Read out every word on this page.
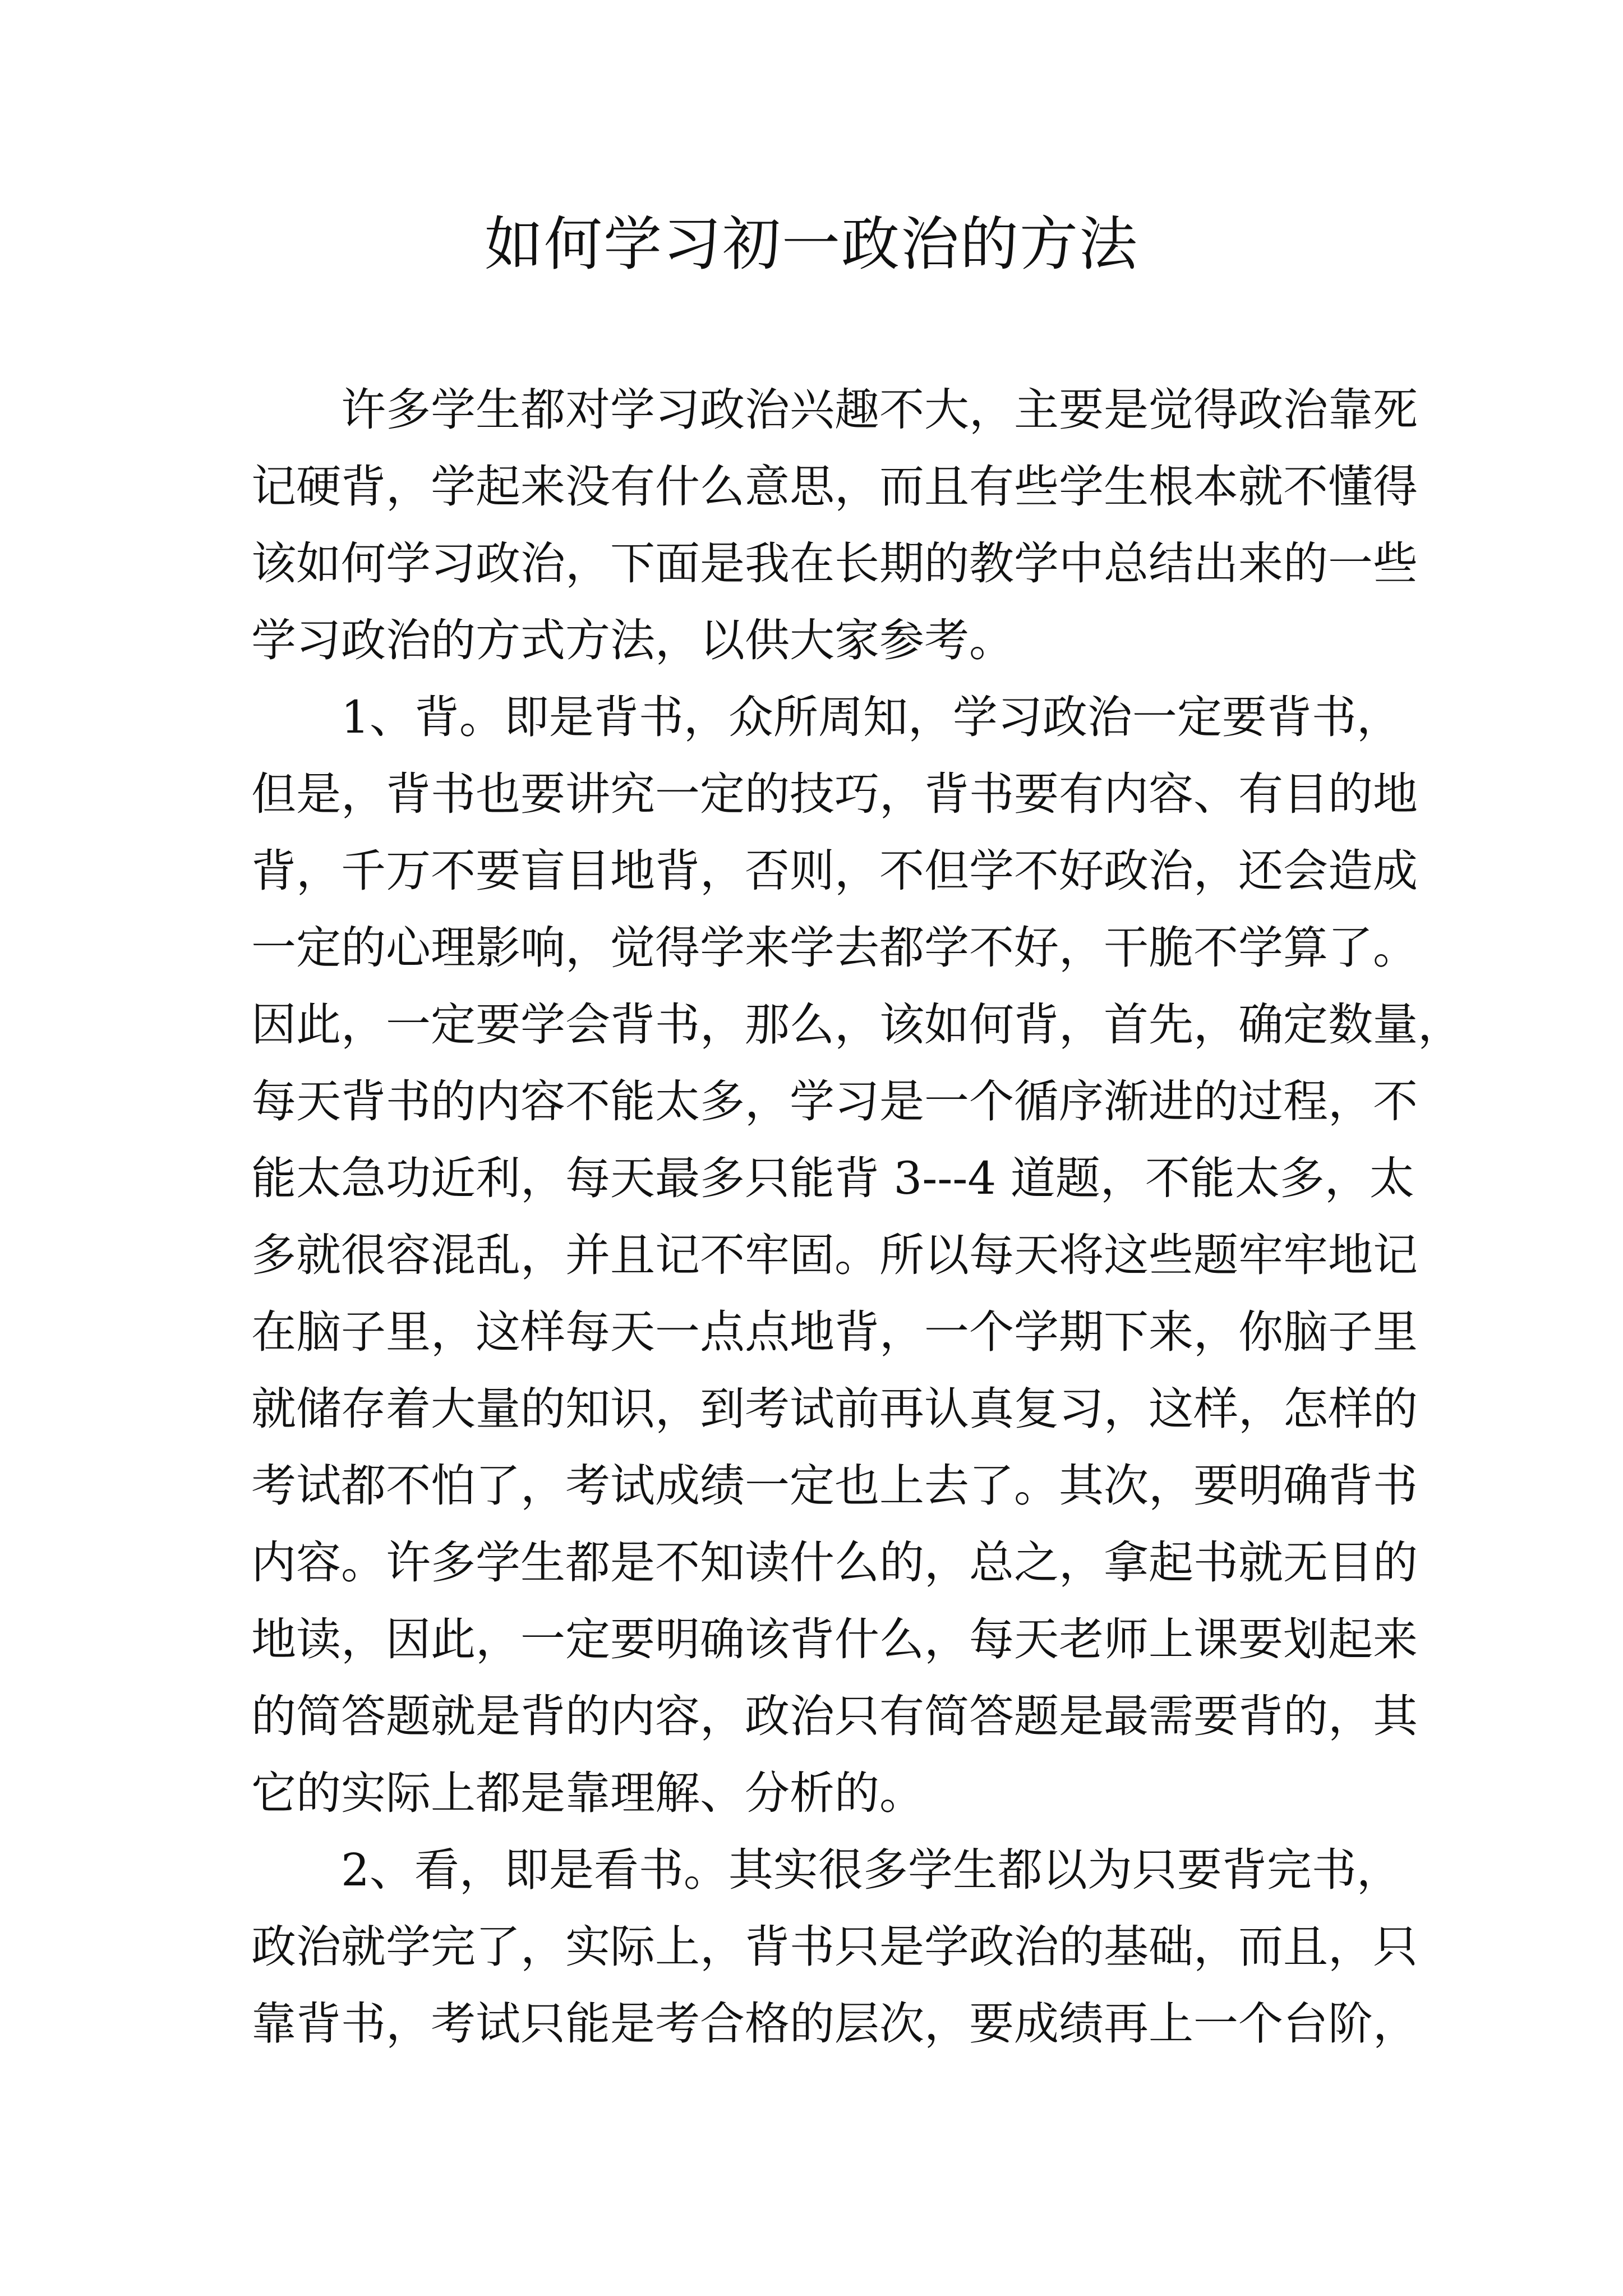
如何学习初一政治的方法
许多学生都对学习政治兴趣不大，主要是觉得政治靠死
记硬背，学起来没有什么意思，而且有些学生根本就不懂得
该如何学习政治，下面是我在长期的教学中总结出来的一些
学习政治的方式方法，以供大家参考。
1、背。即是背书，众所周知，学习政治一定要背书，
但是，背书也要讲究一定的技巧，背书要有内容、有目的地
背，千万不要盲目地背，否则，不但学不好政治，还会造成
一定的心理影响，觉得学来学去都学不好，干脆不学算了。
因此，一定要学会背书，那么，该如何背，首先，确定数量，
每天背书的内容不能太多，学习是一个循序渐进的过程，不
能太急功近利，每天最多只能背 3---4 道题，不能太多，太
多就很容混乱，并且记不牢固。所以每天将这些题牢牢地记
在脑子里，这样每天一点点地背，一个学期下来，你脑子里
就储存着大量的知识，到考试前再认真复习，这样，怎样的
考试都不怕了，考试成绩一定也上去了。其次，要明确背书
内容。许多学生都是不知读什么的，总之，拿起书就无目的
地读，因此，一定要明确该背什么，每天老师上课要划起来
的简答题就是背的内容，政治只有简答题是最需要背的，其
它的实际上都是靠理解、分析的。
2、看，即是看书。其实很多学生都以为只要背完书，
政治就学完了，实际上，背书只是学政治的基础，而且，只
靠背书，考试只能是考合格的层次，要成绩再上一个台阶，
